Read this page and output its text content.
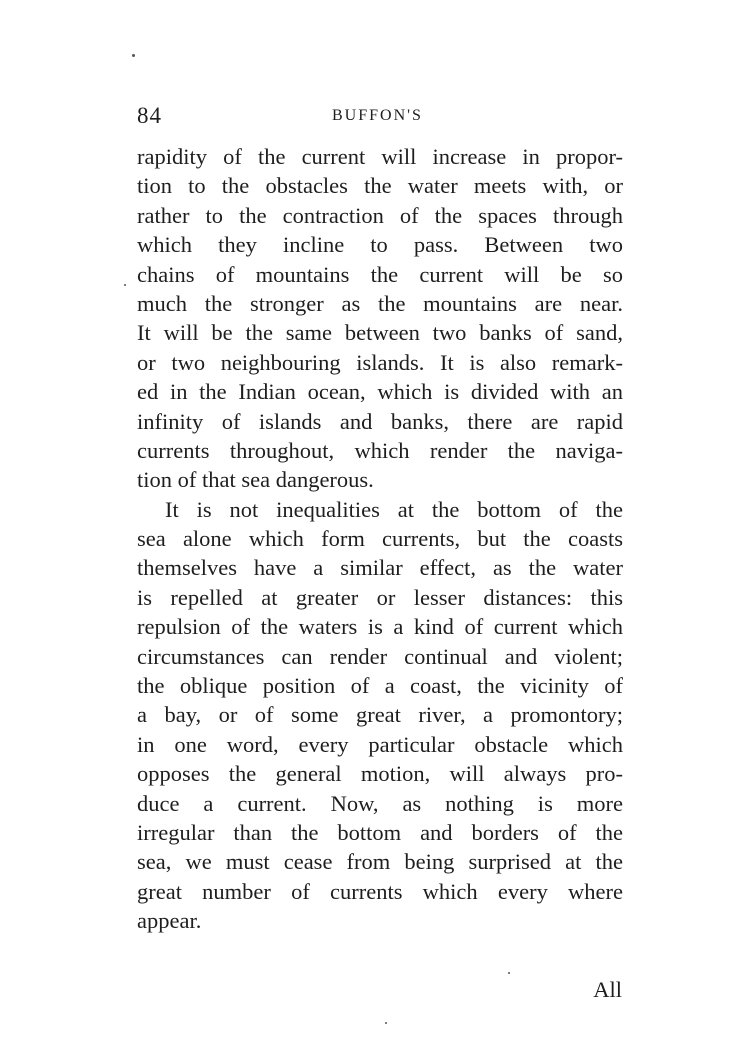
84	BUFFON'S
rapidity of the current will increase in propor-
tion to the obstacles the water meets with, or
rather to the contraction of the spaces through
which they incline to pass. Between two
chains of mountains the current will be so
much the stronger as the mountains are near.
It will be the same between two banks of sand,
or two neighbouring islands. It is also remark-
ed in the Indian ocean, which is divided with an
infinity of islands and banks, there are rapid
currents throughout, which render the naviga-
tion of that sea dangerous.
It is not inequalities at the bottom of the
sea alone which form currents, but the coasts
themselves have a similar effect, as the water
is repelled at greater or lesser distances: this
repulsion of the waters is a kind of current which
circumstances can render continual and violent;
the oblique position of a coast, the vicinity of
a bay, or of some great river, a promontory;
in one word, every particular obstacle which
opposes the general motion, will always pro-
duce a current. Now, as nothing is more
irregular than the bottom and borders of the
sea, we must cease from being surprised at the
great number of currents which every where
appear.
All
